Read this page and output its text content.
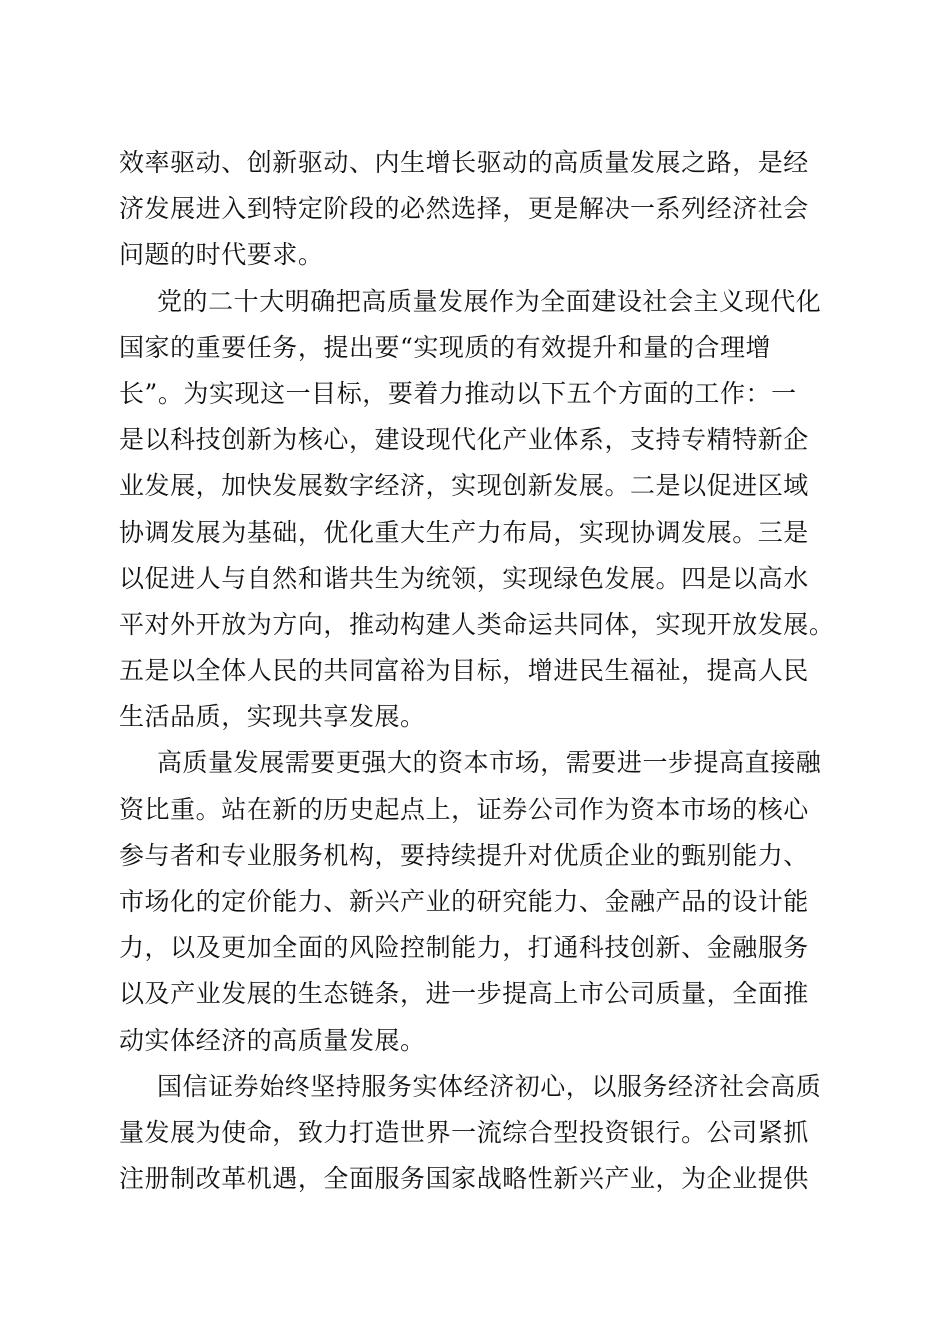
效率驱动、创新驱动、内生增长驱动的高质量发展之路，是经
济发展进入到特定阶段的必然选择，更是解决一系列经济社会
问题的时代要求。
党的二十大明确把高质量发展作为全面建设社会主义现代化
国家的重要任务，提出要“实现质的有效提升和量的合理增
长”。为实现这一目标，要着力推动以下五个方面的工作：一
是以科技创新为核心，建设现代化产业体系，支持专精特新企
业发展，加快发展数字经济，实现创新发展。二是以促进区域
协调发展为基础，优化重大生产力布局，实现协调发展。三是
以促进人与自然和谐共生为统领，实现绿色发展。四是以高水
平对外开放为方向，推动构建人类命运共同体，实现开放发展。
五是以全体人民的共同富裕为目标，增进民生福祉，提高人民
生活品质，实现共享发展。
高质量发展需要更强大的资本市场，需要进一步提高直接融
资比重。站在新的历史起点上，证券公司作为资本市场的核心
参与者和专业服务机构，要持续提升对优质企业的甄别能力、
市场化的定价能力、新兴产业的研究能力、金融产品的设计能
力，以及更加全面的风险控制能力，打通科技创新、金融服务
以及产业发展的生态链条，进一步提高上市公司质量，全面推
动实体经济的高质量发展。
国信证券始终坚持服务实体经济初心，以服务经济社会高质
量发展为使命，致力打造世界一流综合型投资银行。公司紧抓
注册制改革机遇，全面服务国家战略性新兴产业，为企业提供
